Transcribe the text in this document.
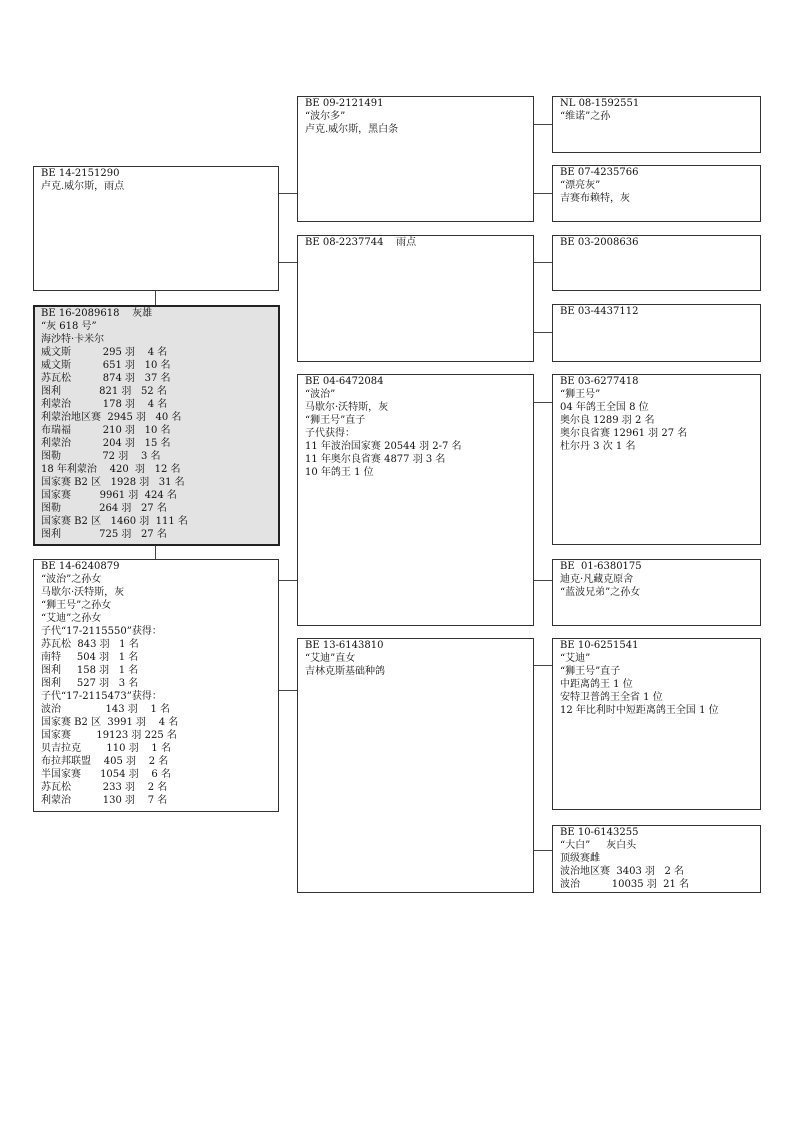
BE 14-2151290
卢克.威尔斯，雨点
BE 16-2089618    灰雄
“灰 618 号”
海沙特·卡米尔
威文斯          295 羽    4 名
威文斯          651 羽   10 名
苏瓦松          874 羽   37 名
图利            821 羽   52 名
利蒙治          178 羽    4 名
利蒙治地区赛  2945 羽   40 名
布瑞福          210 羽   10 名
利蒙治          204 羽   15 名
图勒             72 羽    3 名
18 年利蒙治    420  羽   12 名
国家赛 B2 区   1928 羽   31 名
国家赛         9961 羽  424 名
图勒            264 羽   27 名
国家赛 B2 区   1460 羽  111 名
图利            725 羽   27 名
BE 14-6240879
“波治”之孙女
马歇尔·沃特斯，灰
“狮王号”之孙女
“艾迪”之孙女
子代“17-2115550”获得：
苏瓦松  843 羽   1 名
南特     504 羽   1 名
图利     158 羽   1 名
图利     527 羽   3 名
子代“17-2115473”获得：
波治              143 羽    1 名
国家赛 B2 区  3991 羽    4 名
国家赛        19123 羽 225 名
贝吉拉克        110 羽    1 名
布拉邦联盟    405 羽    2 名
半国家赛      1054 羽    6 名
苏瓦松          233 羽    2 名
利蒙治          130 羽    7 名
BE 09-2121491
“波尔多”
卢克.威尔斯，黑白条
BE 08-2237744    雨点
BE 04-6472084
“波治”
马歇尔·沃特斯，灰
“狮王号”直子
子代获得：
11 年波治国家赛 20544 羽 2-7 名
11 年奥尔良省赛 4877 羽 3 名
10 年鸽王 1 位
BE 13-6143810
“艾迪”直女
吉林克斯基础种鸽
NL 08-1592551
“维诺”之孙
BE 07-4235766
“漂亮灰”
吉赛布赖特，灰
BE 03-2008636
BE 03-4437112
BE 03-6277418
“狮王号”
04 年鸽王全国 8 位
奥尔良 1289 羽 2 名
奥尔良省赛 12961 羽 27 名
杜尔丹 3 次 1 名
BE  01-6380175
迪克·凡藏克原舍
“蓝波兄弟”之孙女
BE 10-6251541
“艾迪”
“狮王号”直子
中距离鸽王 1 位
安特卫普鸽王全省 1 位
12 年比利时中短距离鸽王全国 1 位
BE 10-6143255
“大白”     灰白头
顶级赛雌
波治地区赛  3403 羽   2 名
波治          10035 羽  21 名
